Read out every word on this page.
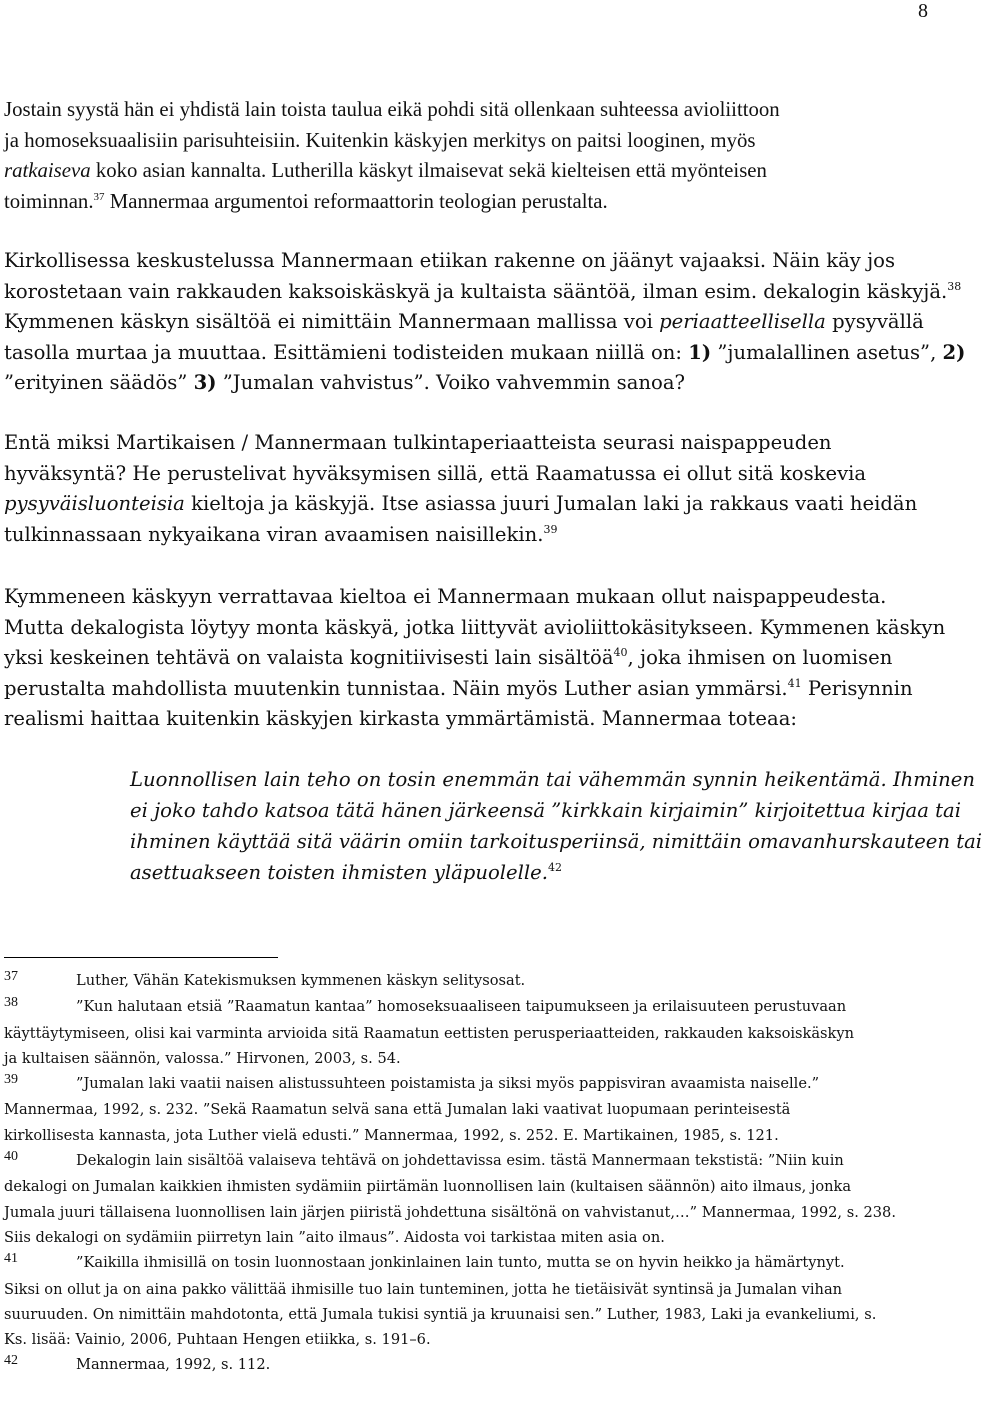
8
Jostain syystä hän ei yhdistä lain toista taulua eikä pohdi sitä ollenkaan suhteessa avioliittoon
ja homoseksuaalisiin parisuhteisiin. Kuitenkin käskyjen merkitys on paitsi looginen, myös
ratkaiseva koko asian kannalta. Lutherilla käskyt ilmaisevat sekä kielteisen että myönteisen
toiminnan.$^{37}$ Mannermaa argumentoi reformaattorin teologian perustalta.
Kirkollisessa keskustelussa Mannermaan etiikan rakenne on jäänyt vajaaksi. Näin käy jos
korostetaan vain rakkauden kaksoiskäskyä ja kultaista sääntöä, ilman esim. dekalogin käskyjä.$^{38}$
Kymmenen käskyn sisältöä ei nimittäin Mannermaan mallissa voi periaatteellisella pysyvällä
tasolla murtaa ja muuttaa. Esittämieni todisteiden mukaan niillä on: 1) ”jumalallinen asetus”, 2)
”erityinen säädös” 3) ”Jumalan vahvistus”. Voiko vahvemmin sanoa?
Entä miksi Martikaisen / Mannermaan tulkintaperiaatteista seurasi naispappeuden
hyväksyntä? He perustelivat hyväksymisen sillä, että Raamatussa ei ollut sitä koskevia
pysyväisluonteisia kieltoja ja käskyjä. Itse asiassa juuri Jumalan laki ja rakkaus vaati heidän
tulkinnassaan nykyaikana viran avaamisen naisillekin.$^{39}$
Kymmeneen käskyyn verrattavaa kieltoa ei Mannermaan mukaan ollut naispappeudesta.
Mutta dekalogista löytyy monta käskyä, jotka liittyvät avioliittokäsitykseen. Kymmenen käskyn
yksi keskeinen tehtävä on valaista kognitiivisesti lain sisältöä$^{40}$, joka ihmisen on luomisen
perustalta mahdollista muutenkin tunnistaa. Näin myös Luther asian ymmärsi.$^{41}$ Perisynnin
realismi haittaa kuitenkin käskyjen kirkasta ymmärtämistä. Mannermaa toteaa:
Luonnollisen lain teho on tosin enemmän tai vähemmän synnin heikentämä. Ihminen
ei joko tahdo katsoa tätä hänen järkeensä ”kirkkain kirjaimin” kirjoitettua kirjaa tai
ihminen käyttää sitä väärin omiin tarkoitusperiinsä, nimittäin omavanhurskauteen tai
asettuakseen toisten ihmisten yläpuolelle.$^{42}$
37	Luther, Vähän Katekismuksen kymmenen käskyn selitysosat.
38	”Kun halutaan etsiä ”Raamatun kantaa” homoseksuaaliseen taipumukseen ja erilaisuuteen perustuvaan
käyttäytymiseen, olisi kai varminta arvioida sitä Raamatun eettisten perusperiaatteiden, rakkauden kaksoiskäskyn
ja kultaisen säännön, valossa.” Hirvonen, 2003, s. 54.
39	”Jumalan laki vaatii naisen alistussuhteen poistamista ja siksi myös pappisviran avaamista naiselle.”
Mannermaa, 1992, s. 232. ”Sekä Raamatun selvä sana että Jumalan laki vaativat luopumaan perinteisestä
kirkollisesta kannasta, jota Luther vielä edusti.” Mannermaa, 1992, s. 252. E. Martikainen, 1985, s. 121.
40	Dekalogin lain sisältöä valaiseva tehtävä on johdettavissa esim. tästä Mannermaan tekstistä: ”Niin kuin
dekalogi on Jumalan kaikkien ihmisten sydämiin piirtämän luonnollisen lain (kultaisen säännön) aito ilmaus, jonka
Jumala juuri tällaisena luonnollisen lain järjen piiristä johdettuna sisältönä on vahvistanut,…” Mannermaa, 1992, s. 238.
Siis dekalogi on sydämiin piirretyn lain ”aito ilmaus”. Aidosta voi tarkistaa miten asia on.
41	”Kaikilla ihmisillä on tosin luonnostaan jonkinlainen lain tunto, mutta se on hyvin heikko ja hämärtynyt.
Siksi on ollut ja on aina pakko välittää ihmisille tuo lain tunteminen, jotta he tietäisivät syntinsä ja Jumalan vihan
suuruuden. On nimittäin mahdotonta, että Jumala tukisi syntiä ja kruunaisi sen.” Luther, 1983, Laki ja evankeliumi, s.
Ks. lisää: Vainio, 2006, Puhtaan Hengen etiikka, s. 191–6.
42	Mannermaa, 1992, s. 112.
